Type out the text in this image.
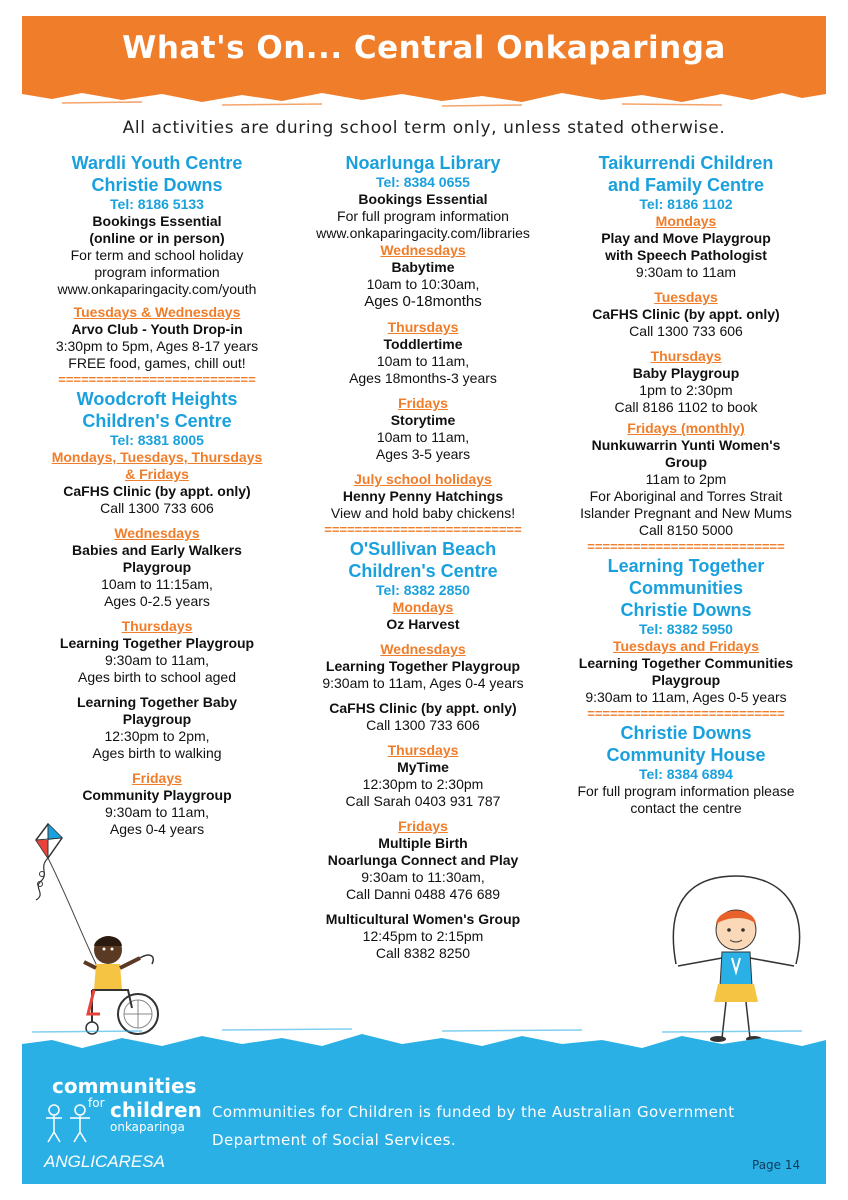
What's On... Central Onkaparinga
All activities are during school term only, unless stated otherwise.
Wardli Youth Centre
Christie Downs
Tel: 8186 5133
Bookings Essential
(online or in person)
For term and school holiday
program information
www.onkaparingacity.com/youth
Tuesdays & Wednesdays
Arvo Club - Youth Drop-in
3:30pm to 5pm, Ages 8-17 years
FREE food, games, chill out!
==========================
Woodcroft Heights
Children's Centre
Tel: 8381 8005
Mondays, Tuesdays, Thursdays
& Fridays
CaFHS Clinic (by appt. only)
Call 1300 733 606
Wednesdays
Babies and Early Walkers
Playgroup
10am to 11:15am,
Ages 0-2.5 years
Thursdays
Learning Together Playgroup
9:30am to 11am,
Ages birth to school aged
Learning Together Baby
Playgroup
12:30pm to 2pm,
Ages birth to walking
Fridays
Community Playgroup
9:30am to 11am,
Ages 0-4 years
Noarlunga Library
Tel: 8384 0655
Bookings Essential
For full program information
www.onkaparingacity.com/libraries
Wednesdays
Babytime
10am to 10:30am,
Ages 0-18months
Thursdays
Toddlertime
10am to 11am,
Ages 18months-3 years
Fridays
Storytime
10am to 11am,
Ages 3-5 years
July school holidays
Henny Penny Hatchings
View and hold baby chickens!
==========================
O'Sullivan Beach
Children's Centre
Tel: 8382 2850
Mondays
Oz Harvest
Wednesdays
Learning Together Playgroup
9:30am to 11am, Ages 0-4 years
CaFHS Clinic (by appt. only)
Call 1300 733 606
Thursdays
MyTime
12:30pm to 2:30pm
Call Sarah 0403 931 787
Fridays
Multiple Birth
Noarlunga Connect and Play
9:30am to 11:30am,
Call Danni 0488 476 689
Multicultural Women's Group
12:45pm to 2:15pm
Call 8382 8250
Taikurrendi Children
and Family Centre
Tel: 8186 1102
Mondays
Play and Move Playgroup
with Speech Pathologist
9:30am to 11am
Tuesdays
CaFHS Clinic (by appt. only)
Call 1300 733 606
Thursdays
Baby Playgroup
1pm to 2:30pm
Call 8186 1102 to book
Fridays (monthly)
Nunkuwarrin Yunti Women's
Group
11am to 2pm
For Aboriginal and Torres Strait
Islander Pregnant and New Mums
Call 8150 5000
==========================
Learning Together
Communities
Christie Downs
Tel: 8382 5950
Tuesdays and Fridays
Learning Together Communities
Playgroup
9:30am to 11am, Ages 0-5 years
==========================
Christie Downs
Community House
Tel: 8384 6894
For full program information please
contact the centre
communities
for children
onkaparinga
ANGLICARESA
Communities for Children is funded by the Australian Government
Department of Social Services.
Page 14
